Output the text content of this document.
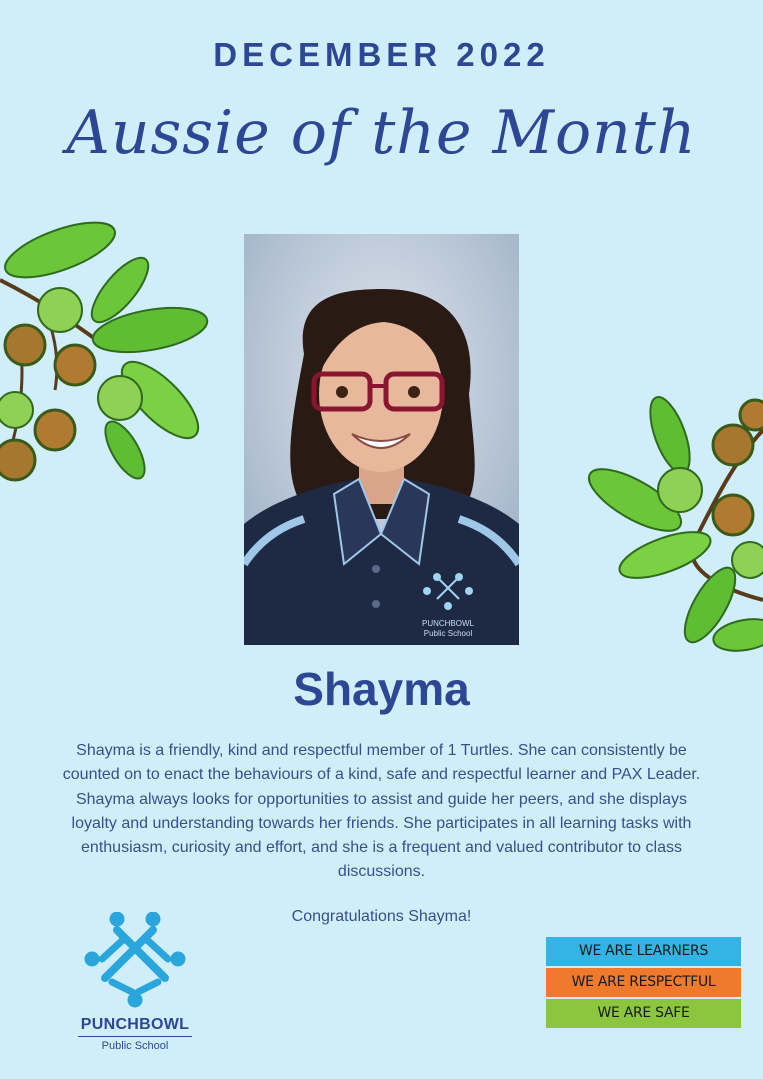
DECEMBER 2022
Aussie of the Month
PUNCHBOWL
Public School
Shayma
Shayma is a friendly, kind and respectful member of 1 Turtles. She can consistently be counted on to enact the behaviours of a kind, safe and respectful learner and PAX Leader. Shayma always looks for opportunities to assist and guide her peers, and she displays loyalty and understanding towards her friends. She participates in all learning tasks with enthusiasm, curiosity and effort, and she is a frequent and valued contributor to class discussions.
Congratulations Shayma!
PUNCHBOWL
Public School
WE ARE LEARNERS
WE ARE RESPECTFUL
WE ARE SAFE
